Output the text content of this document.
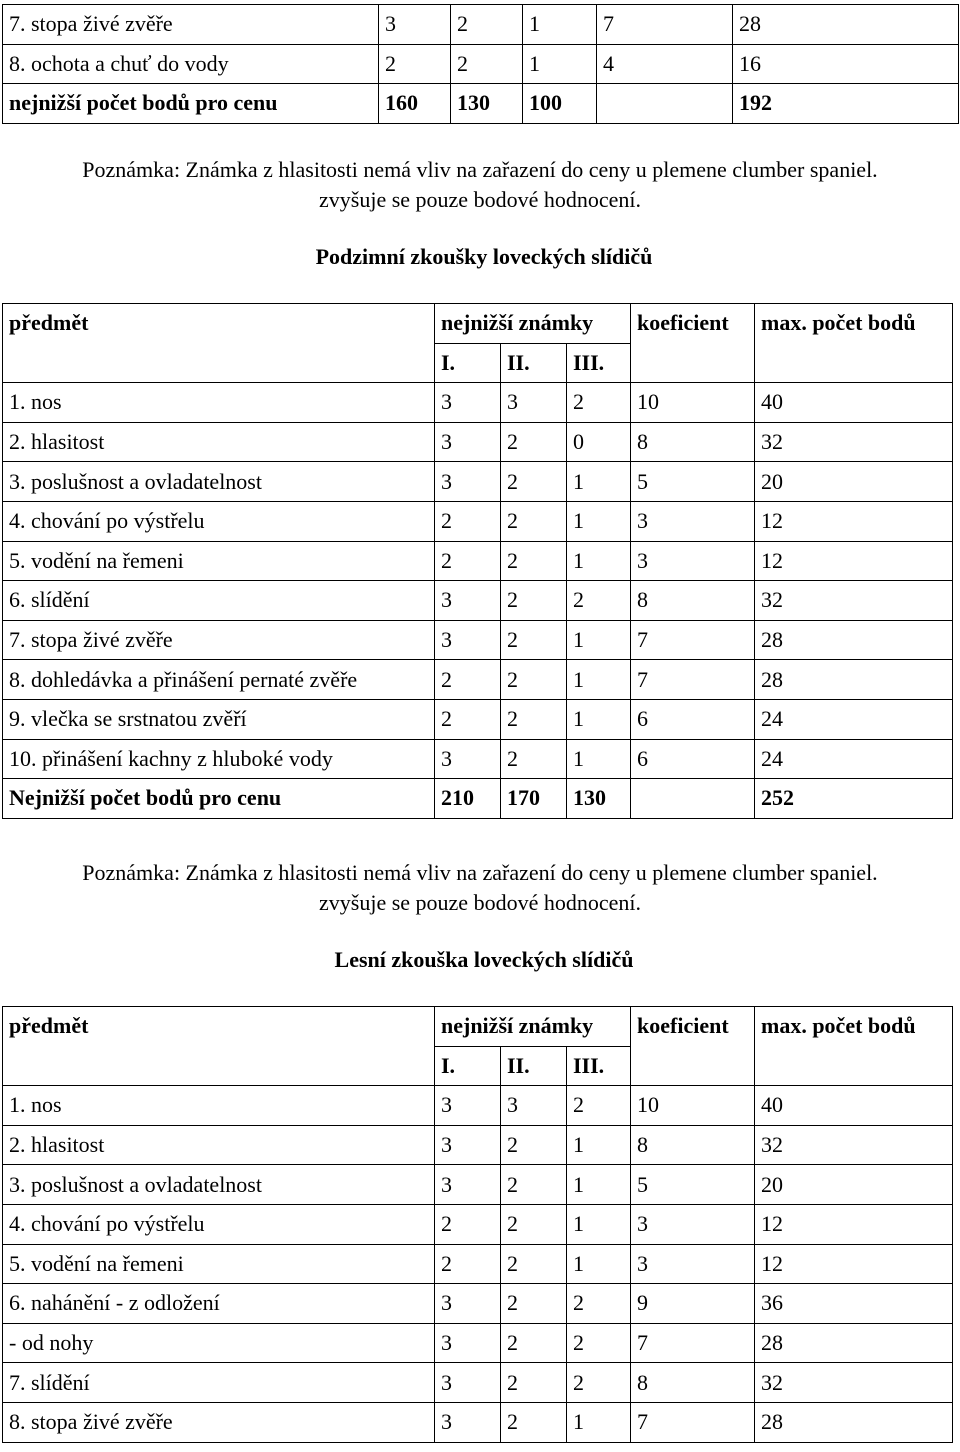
7. stopa živé zvěře	3	2	1	7	28
8. ochota a chuť do vody	2	2	1	4	16
nejnižší počet bodů pro cenu	160	130	100		192
Poznámka: Známka z hlasitosti nemá vliv na zařazení do ceny u plemene clumber spaniel.
zvyšuje se pouze bodové hodnocení.
Podzimní zkoušky loveckých slídičů
předmět	nejnižší známky			koeficient	max. počet bodů
	I.	II.	III.		
1. nos	3	3	2	10	40
2. hlasitost	3	2	0	8	32
3. poslušnost a ovladatelnost	3	2	1	5	20
4. chování po výstřelu	2	2	1	3	12
5. vodění na řemeni	2	2	1	3	12
6. slídění	3	2	2	8	32
7. stopa živé zvěře	3	2	1	7	28
8. dohledávka a přinášení pernaté zvěře	2	2	1	7	28
9. vlečka se srstnatou zvěří	2	2	1	6	24
10. přinášení kachny z hluboké vody	3	2	1	6	24
Nejnižší počet bodů pro cenu	210	170	130		252
Poznámka: Známka z hlasitosti nemá vliv na zařazení do ceny u plemene clumber spaniel.
zvyšuje se pouze bodové hodnocení.
Lesní zkouška loveckých slídičů
předmět	nejnižší známky			koeficient	max. počet bodů
	I.	II.	III.		
1. nos	3	3	2	10	40
2. hlasitost	3	2	1	8	32
3. poslušnost a ovladatelnost	3	2	1	5	20
4. chování po výstřelu	2	2	1	3	12
5. vodění na řemeni	2	2	1	3	12
6. nahánění - z odložení	3	2	2	9	36
- od nohy	3	2	2	7	28
7. slídění	3	2	2	8	32
8. stopa živé zvěře	3	2	1	7	28
